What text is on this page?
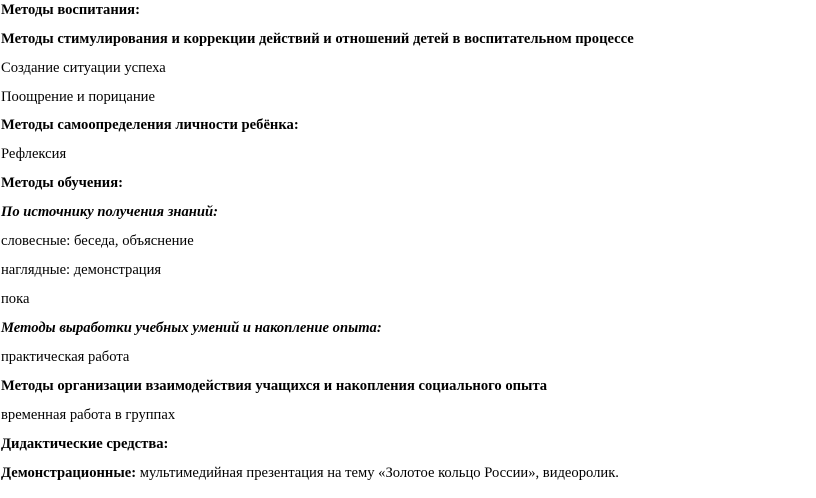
Методы воспитания:
Методы стимулирования и коррекции действий и отношений детей в воспитательном процессе
Создание ситуации успеха
Поощрение и порицание
Методы самоопределения личности ребёнка:
Рефлексия
Методы обучения:
По источнику получения знаний:
словесные: беседа, объяснение
наглядные: демонстрация
пока
Методы выработки учебных умений и накопление опыта:
практическая работа
Методы организации взаимодействия учащихся и накопления социального опыта
временная работа в группах
Дидактические средства:
Демонстрационные: мультимедийная презентация на тему «Золотое кольцо России», видеоролик.
